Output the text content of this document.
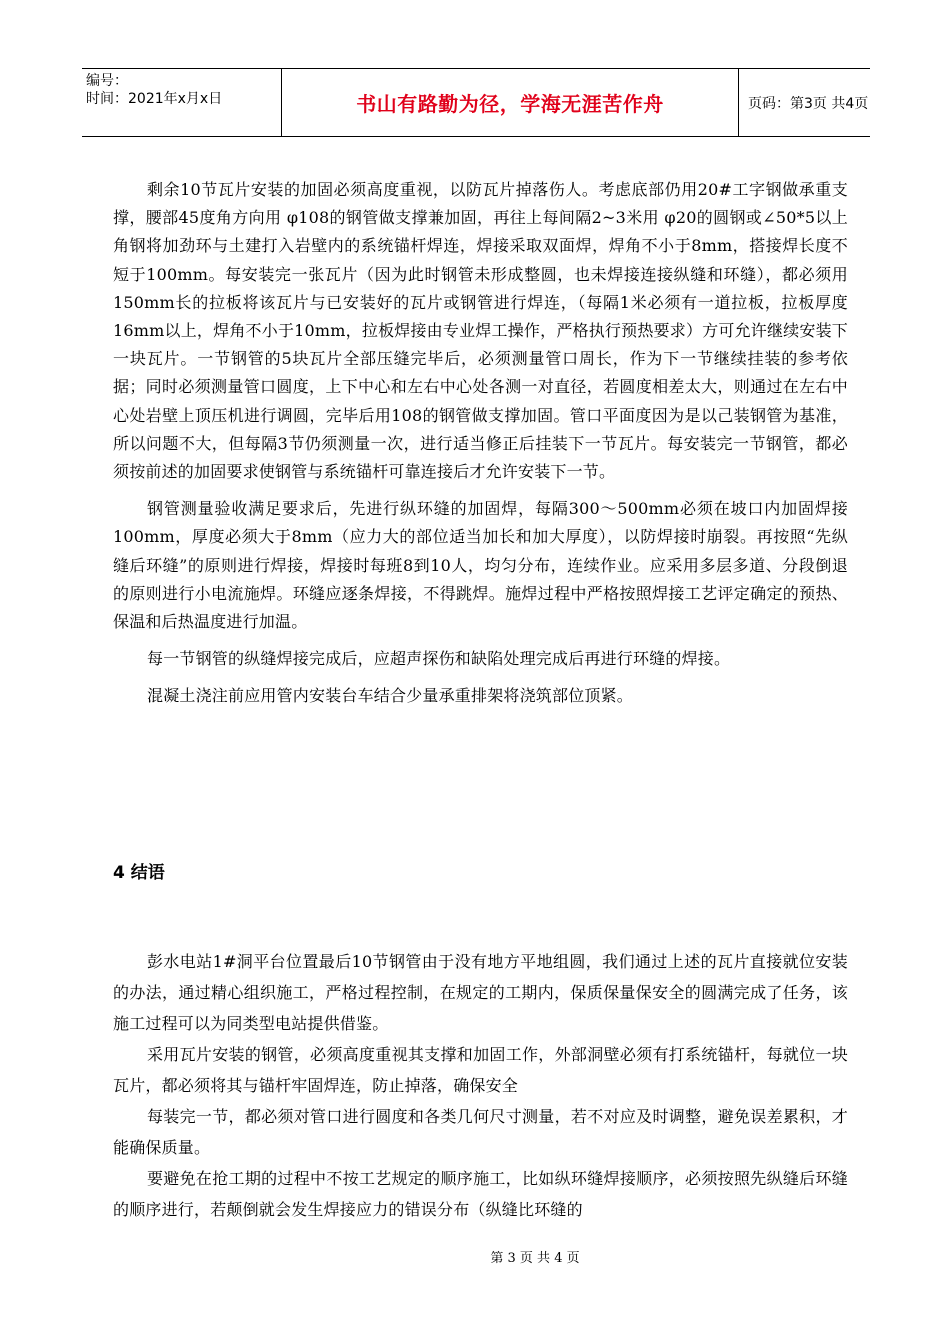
编号：
时间：2021年x月x日	书山有路勤为径，学海无涯苦作舟	页码：第3页 共4页

剩余10节瓦片安装的加固必须高度重视，以防瓦片掉落伤人。考虑底部仍用20#工字钢做承重支撑，腰部45度角方向用 φ108的钢管做支撑兼加固，再往上每间隔2~3米用 φ20的圆钢或∠50*5以上角钢将加劲环与土建打入岩壁内的系统锚杆焊连，焊接采取双面焊，焊角不小于8mm，搭接焊长度不短于100mm。每安装完一张瓦片（因为此时钢管未形成整圆，也未焊接连接纵缝和环缝），都必须用150mm长的拉板将该瓦片与已安装好的瓦片或钢管进行焊连，（每隔1米必须有一道拉板，拉板厚度16mm以上，焊角不小于10mm，拉板焊接由专业焊工操作，严格执行预热要求）方可允许继续安装下一块瓦片。一节钢管的5块瓦片全部压缝完毕后，必须测量管口周长，作为下一节继续挂装的参考依据；同时必须测量管口圆度，上下中心和左右中心处各测一对直径，若圆度相差太大，则通过在左右中心处岩壁上顶压机进行调圆，完毕后用108的钢管做支撑加固。管口平面度因为是以己装钢管为基准，所以问题不大，但每隔3节仍须测量一次，进行适当修正后挂装下一节瓦片。每安装完一节钢管，都必须按前述的加固要求使钢管与系统锚杆可靠连接后才允许安装下一节。

钢管测量验收满足要求后，先进行纵环缝的加固焊，每隔300～500mm必须在坡口内加固焊接100mm，厚度必须大于8mm（应力大的部位适当加长和加大厚度），以防焊接时崩裂。再按照“先纵缝后环缝”的原则进行焊接，焊接时每班8到10人，均匀分布，连续作业。应采用多层多道、分段倒退的原则进行小电流施焊。环缝应逐条焊接，不得跳焊。施焊过程中严格按照焊接工艺评定确定的预热、保温和后热温度进行加温。

每一节钢管的纵缝焊接完成后，应超声探伤和缺陷处理完成后再进行环缝的焊接。

混凝土浇注前应用管内安装台车结合少量承重排架将浇筑部位顶紧。

4 结语

彭水电站1#洞平台位置最后10节钢管由于没有地方平地组圆，我们通过上述的瓦片直接就位安装的办法，通过精心组织施工，严格过程控制，在规定的工期内，保质保量保安全的圆满完成了任务，该施工过程可以为同类型电站提供借鉴。

采用瓦片安装的钢管，必须高度重视其支撑和加固工作，外部洞壁必须有打系统锚杆，每就位一块瓦片，都必须将其与锚杆牢固焊连，防止掉落，确保安全

每装完一节，都必须对管口进行圆度和各类几何尺寸测量，若不对应及时调整，避免误差累积，才能确保质量。

要避免在抢工期的过程中不按工艺规定的顺序施工，比如纵环缝焊接顺序，必须按照先纵缝后环缝的顺序进行，若颠倒就会发生焊接应力的错误分布（纵缝比环缝的

第 3 页 共 4 页
